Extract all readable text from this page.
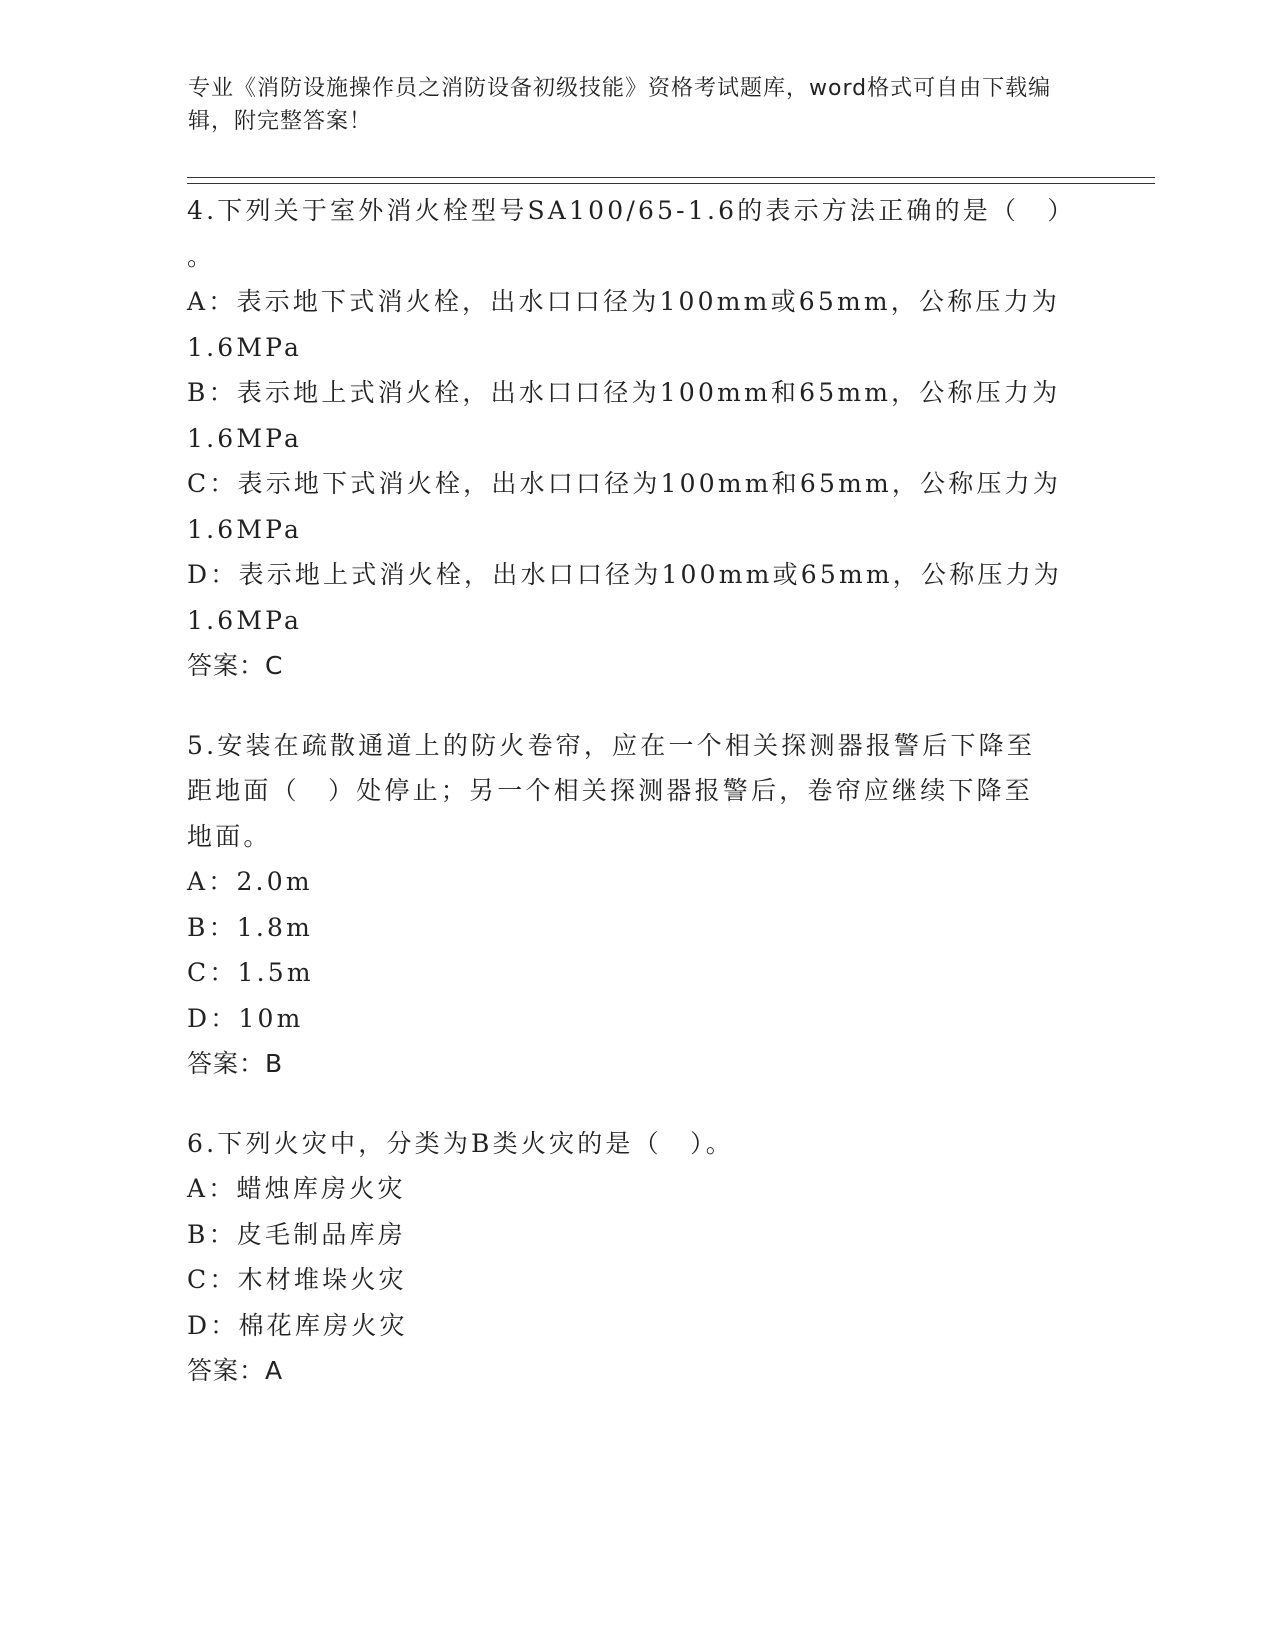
专业《消防设施操作员之消防设备初级技能》资格考试题库，word格式可自由下载编辑，附完整答案！
4.下列关于室外消火栓型号SA100/65-1.6的表示方法正确的是（　）
。
A：表示地下式消火栓，出水口口径为100mm或65mm，公称压力为
1.6MPa
B：表示地上式消火栓，出水口口径为100mm和65mm，公称压力为
1.6MPa
C：表示地下式消火栓，出水口口径为100mm和65mm，公称压力为
1.6MPa
D：表示地上式消火栓，出水口口径为100mm或65mm，公称压力为
1.6MPa
答案：C
5.安装在疏散通道上的防火卷帘，应在一个相关探测器报警后下降至
距地面（　）处停止；另一个相关探测器报警后，卷帘应继续下降至
地面。
A：2.0m
B：1.8m
C：1.5m
D：10m
答案：B
6.下列火灾中，分类为B类火灾的是（　）。
A：蜡烛库房火灾
B：皮毛制品库房
C：木材堆垛火灾
D：棉花库房火灾
答案：A
